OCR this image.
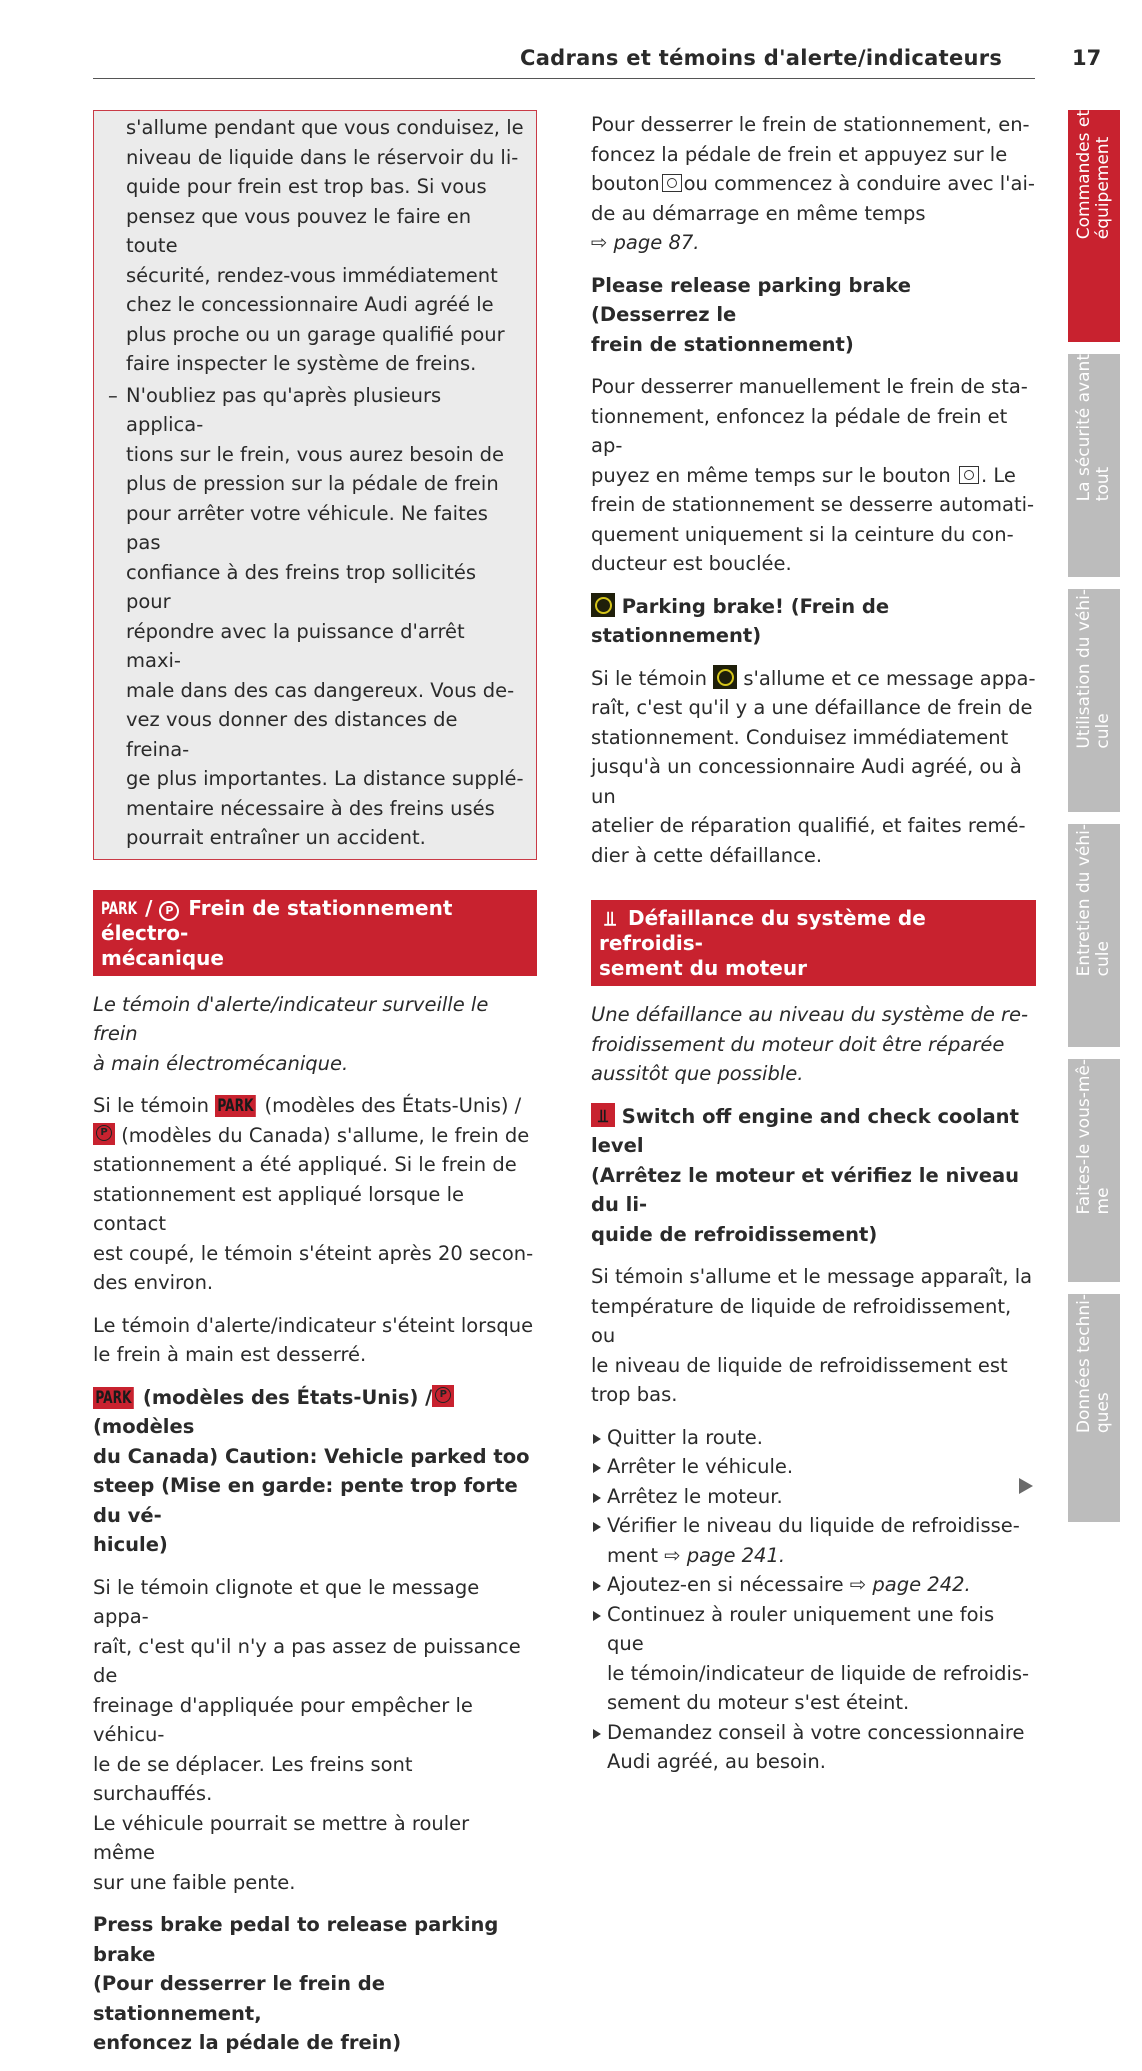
Cadrans et témoins d'alerte/indicateurs	17
s'allume pendant que vous conduisez, le
niveau de liquide dans le réservoir du li-
quide pour frein est trop bas. Si vous
pensez que vous pouvez le faire en toute
sécurité, rendez-vous immédiatement
chez le concessionnaire Audi agréé le
plus proche ou un garage qualifié pour
faire inspecter le système de freins.
– N'oubliez pas qu'après plusieurs applica-
tions sur le frein, vous aurez besoin de
plus de pression sur la pédale de frein
pour arrêter votre véhicule. Ne faites pas
confiance à des freins trop sollicités pour
répondre avec la puissance d'arrêt maxi-
male dans des cas dangereux. Vous de-
vez vous donner des distances de freina-
ge plus importantes. La distance supplé-
mentaire nécessaire à des freins usés
pourrait entraîner un accident.
PARK / P Frein de stationnement électro-
mécanique

Le témoin d'alerte/indicateur surveille le frein
à main électromécanique.

Si le témoin PARK (modèles des États-Unis) /
P (modèles du Canada) s'allume, le frein de
stationnement a été appliqué. Si le frein de
stationnement est appliqué lorsque le contact
est coupé, le témoin s'éteint après 20 secon-
des environ.

Le témoin d'alerte/indicateur s'éteint lorsque
le frein à main est desserré.

PARK (modèles des États-Unis) /P (modèles
du Canada) Caution: Vehicle parked too
steep (Mise en garde: pente trop forte du vé-
hicule)

Si le témoin clignote et que le message appa-
raît, c'est qu'il n'y a pas assez de puissance de
freinage d'appliquée pour empêcher le véhicu-
le de se déplacer. Les freins sont surchauffés.
Le véhicule pourrait se mettre à rouler même
sur une faible pente.

Press brake pedal to release parking brake
(Pour desserrer le frein de stationnement,
enfoncez la pédale de frein)

Pour desserrer le frein de stationnement, en-
foncez la pédale de frein et appuyez sur le
bouton ou commencez à conduire avec l'ai-
de au démarrage en même temps
⇨ page 87.

Please release parking brake (Desserrez le
frein de stationnement)

Pour desserrer manuellement le frein de sta-
tionnement, enfoncez la pédale de frein et ap-
puyez en même temps sur le bouton . Le
frein de stationnement se desserre automati-
quement uniquement si la ceinture du con-
ducteur est bouclée.

Parking brake! (Frein de stationnement)

Si le témoin s'allume et ce message appa-
raît, c'est qu'il y a une défaillance de frein de
stationnement. Conduisez immédiatement
jusqu'à un concessionnaire Audi agréé, ou à un
atelier de réparation qualifié, et faites remé-
dier à cette défaillance.

⫫ Défaillance du système de refroidis-
sement du moteur

Une défaillance au niveau du système de re-
froidissement du moteur doit être réparée
aussitôt que possible.

⫫ Switch off engine and check coolant level
(Arrêtez le moteur et vérifiez le niveau du li-
quide de refroidissement)

Si témoin s'allume et le message apparaît, la
température de liquide de refroidissement, ou
le niveau de liquide de refroidissement est
trop bas.

Quitter la route.
Arrêter le véhicule.
Arrêtez le moteur.
Vérifier le niveau du liquide de refroidisse-
ment ⇨ page 241.
Ajoutez-en si nécessaire ⇨ page 242.
Continuez à rouler uniquement une fois que
le témoin/indicateur de liquide de refroidis-
sement du moteur s'est éteint.
Demandez conseil à votre concessionnaire
Audi agréé, au besoin.
Commandes et
équipement
La sécurité avant
tout
Utilisation du véhi-
cule
Entretien du véhi-
cule
Faites-le vous-mê-
me
Données techni-
ques
